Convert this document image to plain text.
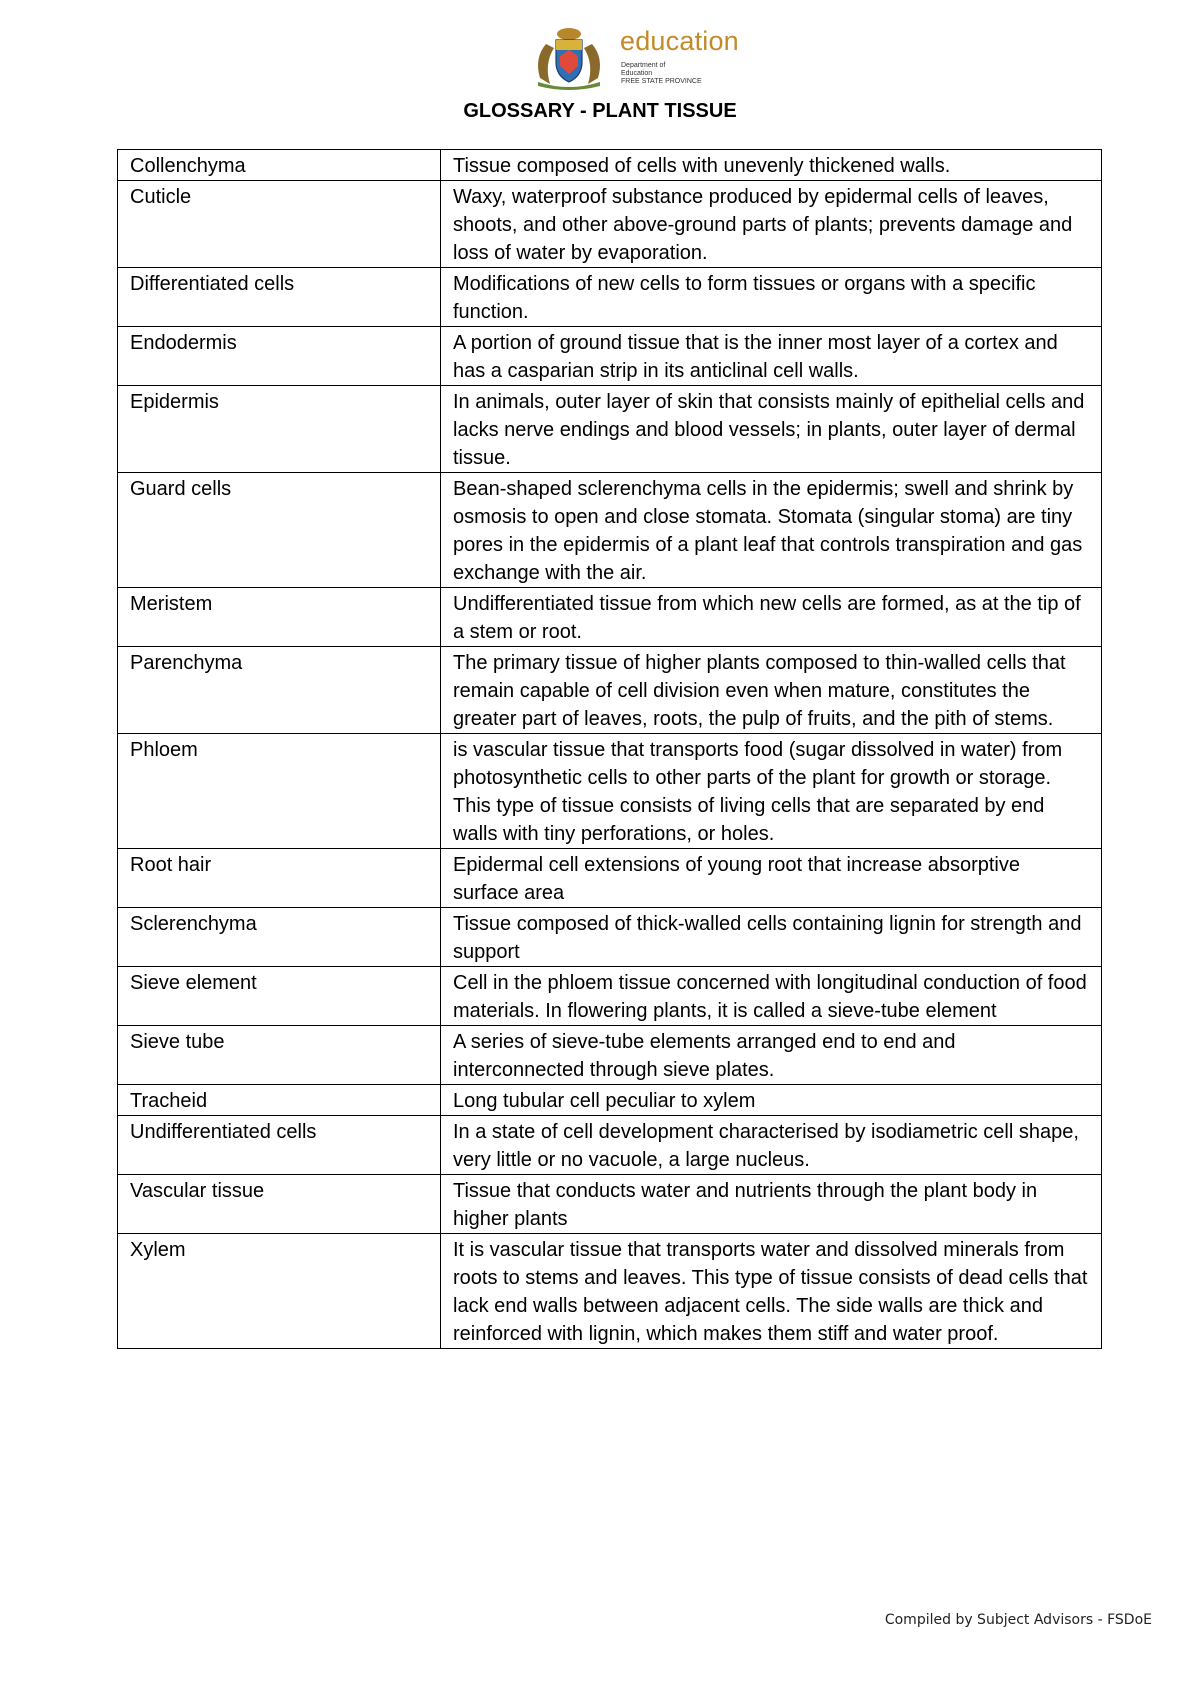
education
Department of
Education
FREE STATE PROVINCE
GLOSSARY - PLANT TISSUE
Collenchyma	Tissue composed of cells with unevenly thickened walls.
Cuticle	Waxy, waterproof substance produced by epidermal cells of leaves, shoots, and other above-ground parts of plants; prevents damage and loss of water by evaporation.
Differentiated cells	Modifications of new cells to form tissues or organs with a specific function.
Endodermis	A portion of ground tissue that is the inner most layer of a cortex and has a casparian strip in its anticlinal cell walls.
Epidermis	In animals, outer layer of skin that consists mainly of epithelial cells and lacks nerve endings and blood vessels; in plants, outer layer of dermal tissue.
Guard cells	Bean-shaped sclerenchyma cells in the epidermis; swell and shrink by osmosis to open and close stomata. Stomata (singular stoma) are tiny pores in the epidermis of a plant leaf that controls transpiration and gas exchange with the air.
Meristem	Undifferentiated tissue from which new cells are formed, as at the tip of a stem or root.
Parenchyma	The primary tissue of higher plants composed to thin-walled cells that remain capable of cell division even when mature, constitutes the greater part of leaves, roots, the pulp of fruits, and the pith of stems.
Phloem	is vascular tissue that transports food (sugar dissolved in water) from photosynthetic cells to other parts of the plant for growth or storage. This type of tissue consists of living cells that are separated by end walls with tiny perforations, or holes.
Root hair	Epidermal cell extensions of young root that increase absorptive surface area
Sclerenchyma	Tissue composed of thick-walled cells containing lignin for strength and support
Sieve element	Cell in the phloem tissue concerned with longitudinal conduction of food materials. In flowering plants, it is called a sieve-tube element
Sieve tube	A series of sieve-tube elements arranged end to end and interconnected through sieve plates.
Tracheid	Long tubular cell peculiar to xylem
Undifferentiated cells	In a state of cell development characterised by isodiametric cell shape, very little or no vacuole, a large nucleus.
Vascular tissue	Tissue that conducts water and nutrients through the plant body in higher plants
Xylem	It is vascular tissue that transports water and dissolved minerals from roots to stems and leaves. This type of tissue consists of dead cells that lack end walls between adjacent cells. The side walls are thick and reinforced with lignin, which makes them stiff and water proof.
Compiled by Subject Advisors - FSDoE
